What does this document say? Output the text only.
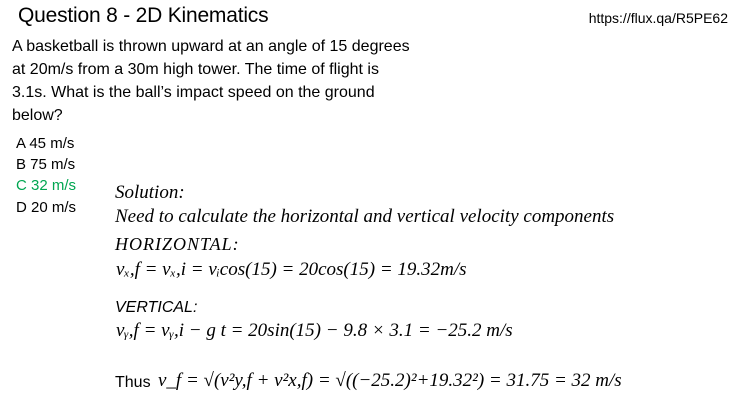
Question 8 - 2D Kinematics	https://flux.qa/R5PE62
A basketball is thrown upward at an angle of 15 degrees
at 20m/s from a 30m high tower. The time of flight is
3.1s. What is the ball’s impact speed on the ground
below?
A 45 m/s
B 75 m/s
C 32 m/s
D 20 m/s
Solution:
Need to calculate the horizontal and vertical velocity components
HORIZONTAL:
vₓ,f = vₓ,i = vᵢcos(15) = 20cos(15) = 19.32m/s
VERTICAL:
vᵧ,f = vᵧ,i − g t = 20sin(15) − 9.8 × 3.1 = −25.2 m/s
Thus v_f = √(v²y,f + v²x,f) = √((−25.2)²+19.32²) = 31.75 = 32 m/s
